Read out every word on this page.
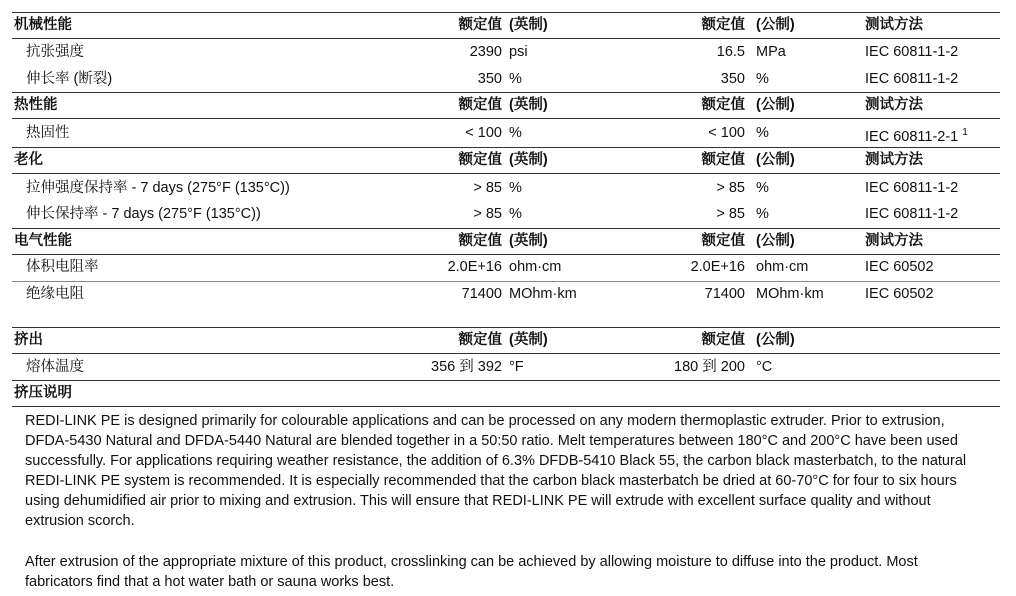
机械性能	额定值 (英制)	额定值 (公制)	测试方法
抗张强度	2390 psi	16.5 MPa	IEC 60811-1-2
伸长率 (断裂)	350 %	350 %	IEC 60811-1-2
热性能	额定值 (英制)	额定值 (公制)	测试方法
热固性	< 100 %	< 100 %	IEC 60811-2-1 $^1$
老化	额定值 (英制)	额定值 (公制)	测试方法
拉伸强度保持率 - 7 days (275°F (135°C))	> 85 %	> 85 %	IEC 60811-1-2
伸长保持率 - 7 days (275°F (135°C))	> 85 %	> 85 %	IEC 60811-1-2
电气性能	额定值 (英制)	额定值 (公制)	测试方法
体积电阻率	2.0E+16 ohm·cm	2.0E+16 ohm·cm	IEC 60502
绝缘电阻	71400 MOhm·km	71400 MOhm·km	IEC 60502
挤出	额定值 (英制)	额定值 (公制)
熔体温度	356 到 392 °F	180 到 200 °C
挤压说明
REDI-LINK PE is designed primarily for colourable applications and can be processed on any modern thermoplastic extruder. Prior to extrusion, DFDA-5430 Natural and DFDA-5440 Natural are blended together in a 50:50 ratio. Melt temperatures between 180°C and 200°C have been used successfully. For applications requiring weather resistance, the addition of 6.3% DFDB-5410 Black 55, the carbon black masterbatch, to the natural REDI-LINK PE system is recommended. It is especially recommended that the carbon black masterbatch be dried at 60-70°C for four to six hours using dehumidified air prior to mixing and extrusion. This will ensure that REDI-LINK PE will extrude with excellent surface quality and without extrusion scorch.
After extrusion of the appropriate mixture of this product, crosslinking can be achieved by allowing moisture to diffuse into the product. Most fabricators find that a hot water bath or sauna works best.
